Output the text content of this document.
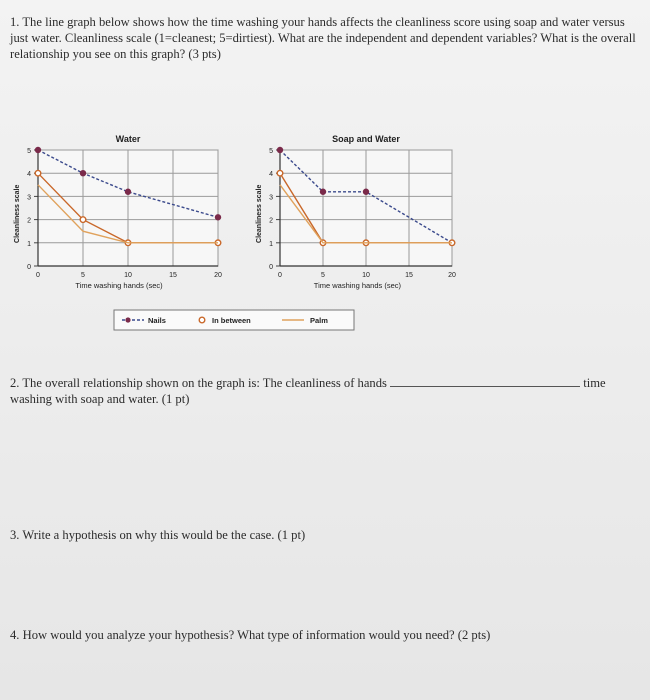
1. The line graph below shows how the time washing your hands affects the cleanliness score using soap and water versus just water. Cleanliness scale (1=cleanest; 5=dirtiest). What are the independent and dependent variables? What is the overall relationship you see on this graph? (3 pts)

0	5	10	15	20
0
1
2
3
4
5
Water
Time washing hands (sec)
Cleanliness scale
0	5	10	15	20
0
1
2
3
4
5
Soap and Water
Time washing hands (sec)
Cleanliness scale
Nails	In between	Palm

2. The overall relationship shown on the graph is: The cleanliness of hands	time washing with soap and water. (1 pt)

3. Write a hypothesis on why this would be the case. (1 pt)

4. How would you analyze your hypothesis? What type of information would you need? (2 pts)
